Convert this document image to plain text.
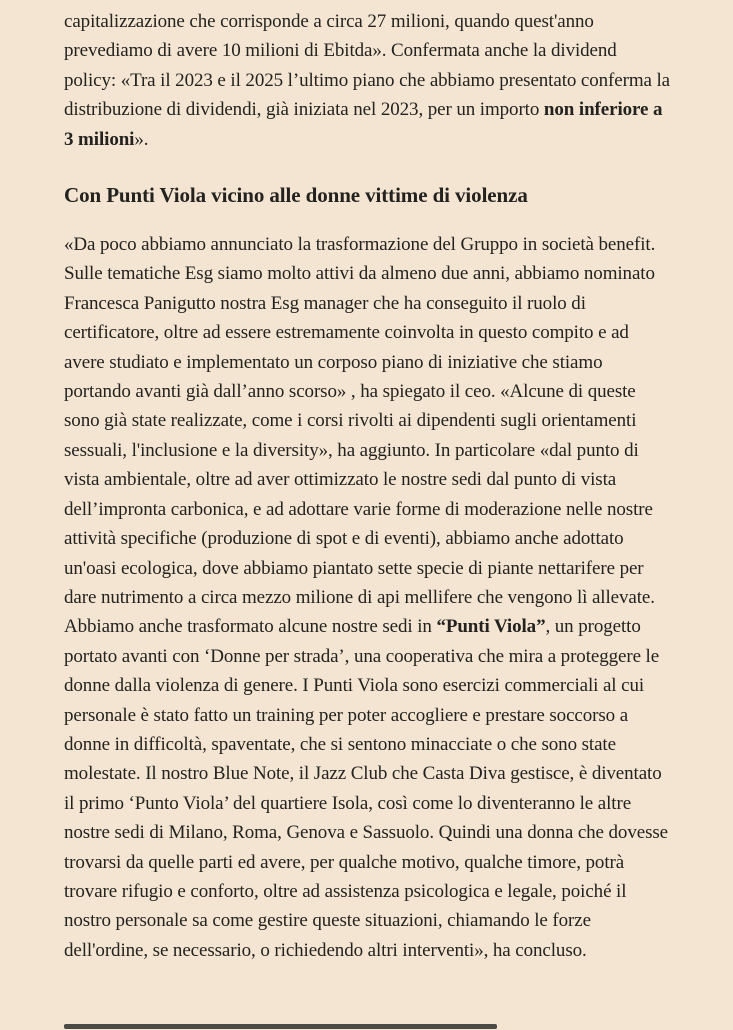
capitalizzazione che corrisponde a circa 27 milioni, quando quest'anno prevediamo di avere 10 milioni di Ebitda». Confermata anche la dividend policy: «Tra il 2023 e il 2025 l’ultimo piano che abbiamo presentato conferma la distribuzione di dividendi, già iniziata nel 2023, per un importo non inferiore a 3 milioni».

Con Punti Viola vicino alle donne vittime di violenza

«Da poco abbiamo annunciato la trasformazione del Gruppo in società benefit. Sulle tematiche Esg siamo molto attivi da almeno due anni, abbiamo nominato Francesca Panigutto nostra Esg manager che ha conseguito il ruolo di certificatore, oltre ad essere estremamente coinvolta in questo compito e ad avere studiato e implementato un corposo piano di iniziative che stiamo portando avanti già dall’anno scorso» , ha spiegato il ceo. «Alcune di queste sono già state realizzate, come i corsi rivolti ai dipendenti sugli orientamenti sessuali, l'inclusione e la diversity», ha aggiunto. In particolare «dal punto di vista ambientale, oltre ad aver ottimizzato le nostre sedi dal punto di vista dell’impronta carbonica, e ad adottare varie forme di moderazione nelle nostre attività specifiche (produzione di spot e di eventi), abbiamo anche adottato un'oasi ecologica, dove abbiamo piantato sette specie di piante nettarifere per dare nutrimento a circa mezzo milione di api mellifere che vengono lì allevate. Abbiamo anche trasformato alcune nostre sedi in “Punti Viola”, un progetto portato avanti con ‘Donne per strada’, una cooperativa che mira a proteggere le donne dalla violenza di genere. I Punti Viola sono esercizi commerciali al cui personale è stato fatto un training per poter accogliere e prestare soccorso a donne in difficoltà, spaventate, che si sentono minacciate o che sono state molestate. Il nostro Blue Note, il Jazz Club che Casta Diva gestisce, è diventato il primo ‘Punto Viola’ del quartiere Isola, così come lo diventeranno le altre nostre sedi di Milano, Roma, Genova e Sassuolo. Quindi una donna che dovesse trovarsi da quelle parti ed avere, per qualche motivo, qualche timore, potrà trovare rifugio e conforto, oltre ad assistenza psicologica e legale, poiché il nostro personale sa come gestire queste situazioni, chiamando le forze dell'ordine, se necessario, o richiedendo altri interventi», ha concluso.
